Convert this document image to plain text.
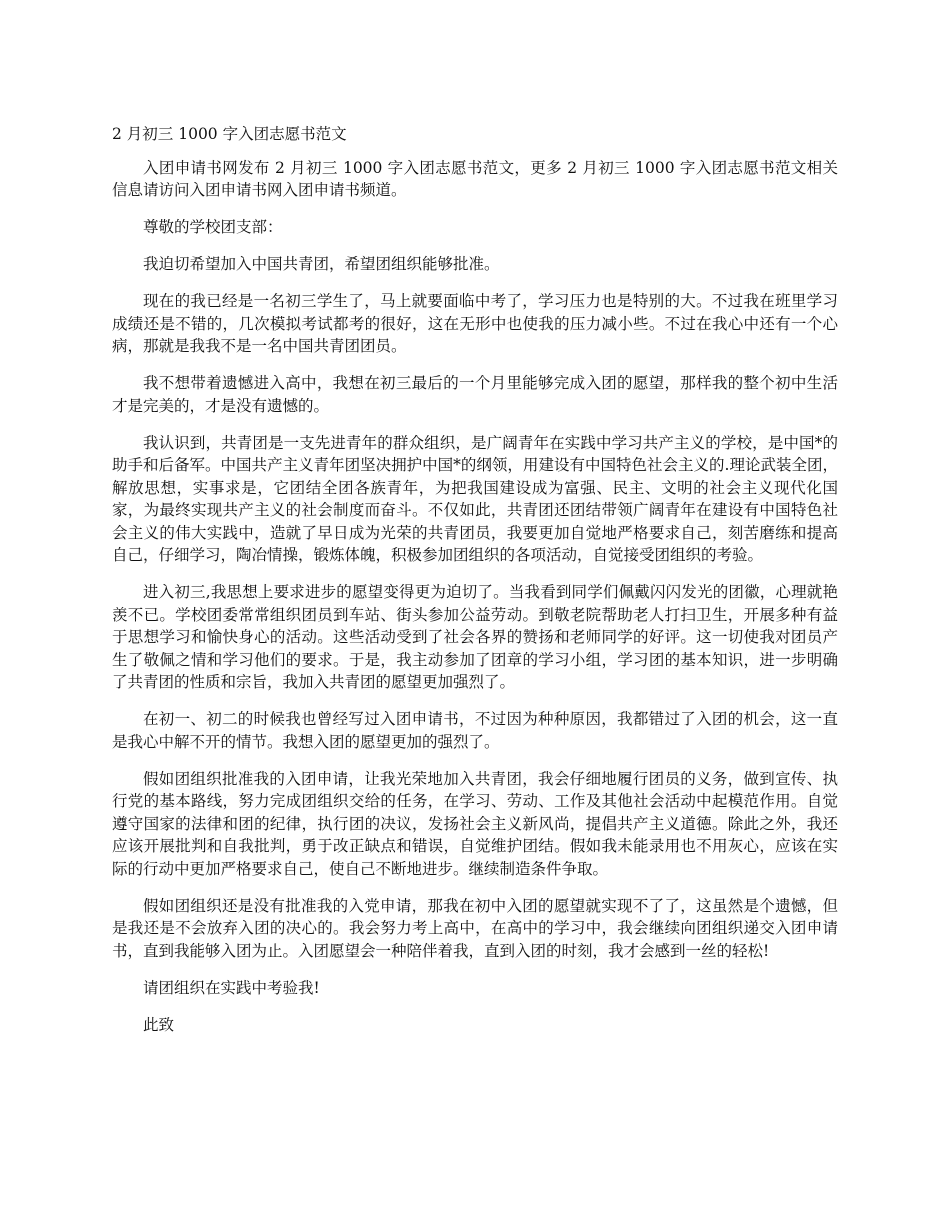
2 月初三 1000 字入团志愿书范文

入团申请书网发布 2 月初三 1000 字入团志愿书范文，更多 2 月初三 1000 字入团志愿书范文相关信息请访问入团申请书网入团申请书频道。

尊敬的学校团支部：

我迫切希望加入中国共青团，希望团组织能够批准。

现在的我已经是一名初三学生了，马上就要面临中考了，学习压力也是特别的大。不过我在班里学习成绩还是不错的，几次模拟考试都考的很好，这在无形中也使我的压力减小些。不过在我心中还有一个心病，那就是我我不是一名中国共青团团员。

我不想带着遗憾进入高中，我想在初三最后的一个月里能够完成入团的愿望，那样我的整个初中生活才是完美的，才是没有遗憾的。

我认识到，共青团是一支先进青年的群众组织，是广阔青年在实践中学习共产主义的学校，是中国*的助手和后备军。中国共产主义青年团坚决拥护中国*的纲领，用建设有中国特色社会主义的.理论武装全团，解放思想，实事求是，它团结全团各族青年，为把我国建设成为富强、民主、文明的社会主义现代化国家，为最终实现共产主义的社会制度而奋斗。不仅如此，共青团还团结带领广阔青年在建设有中国特色社会主义的伟大实践中，造就了早日成为光荣的共青团员，我要更加自觉地严格要求自己，刻苦磨练和提高自己，仔细学习，陶冶情操，锻炼体魄，积极参加团组织的各项活动，自觉接受团组织的考验。

进入初三,我思想上要求进步的愿望变得更为迫切了。当我看到同学们佩戴闪闪发光的团徽，心理就艳羡不已。学校团委常常组织团员到车站、街头参加公益劳动。到敬老院帮助老人打扫卫生，开展多种有益于思想学习和愉快身心的活动。这些活动受到了社会各界的赞扬和老师同学的好评。这一切使我对团员产生了敬佩之情和学习他们的要求。于是，我主动参加了团章的学习小组，学习团的基本知识，进一步明确了共青团的性质和宗旨，我加入共青团的愿望更加强烈了。

在初一、初二的时候我也曾经写过入团申请书，不过因为种种原因，我都错过了入团的机会，这一直是我心中解不开的情节。我想入团的愿望更加的强烈了。

假如团组织批准我的入团申请，让我光荣地加入共青团，我会仔细地履行团员的义务，做到宣传、执行党的基本路线，努力完成团组织交给的任务，在学习、劳动、工作及其他社会活动中起模范作用。自觉遵守国家的法律和团的纪律，执行团的决议，发扬社会主义新风尚，提倡共产主义道德。除此之外，我还应该开展批判和自我批判，勇于改正缺点和错误，自觉维护团结。假如我未能录用也不用灰心，应该在实际的行动中更加严格要求自己，使自己不断地进步。继续制造条件争取。

假如团组织还是没有批准我的入党申请，那我在初中入团的愿望就实现不了了，这虽然是个遗憾，但是我还是不会放弃入团的决心的。我会努力考上高中，在高中的学习中，我会继续向团组织递交入团申请书，直到我能够入团为止。入团愿望会一种陪伴着我，直到入团的时刻，我才会感到一丝的轻松!

请团组织在实践中考验我!

此致
